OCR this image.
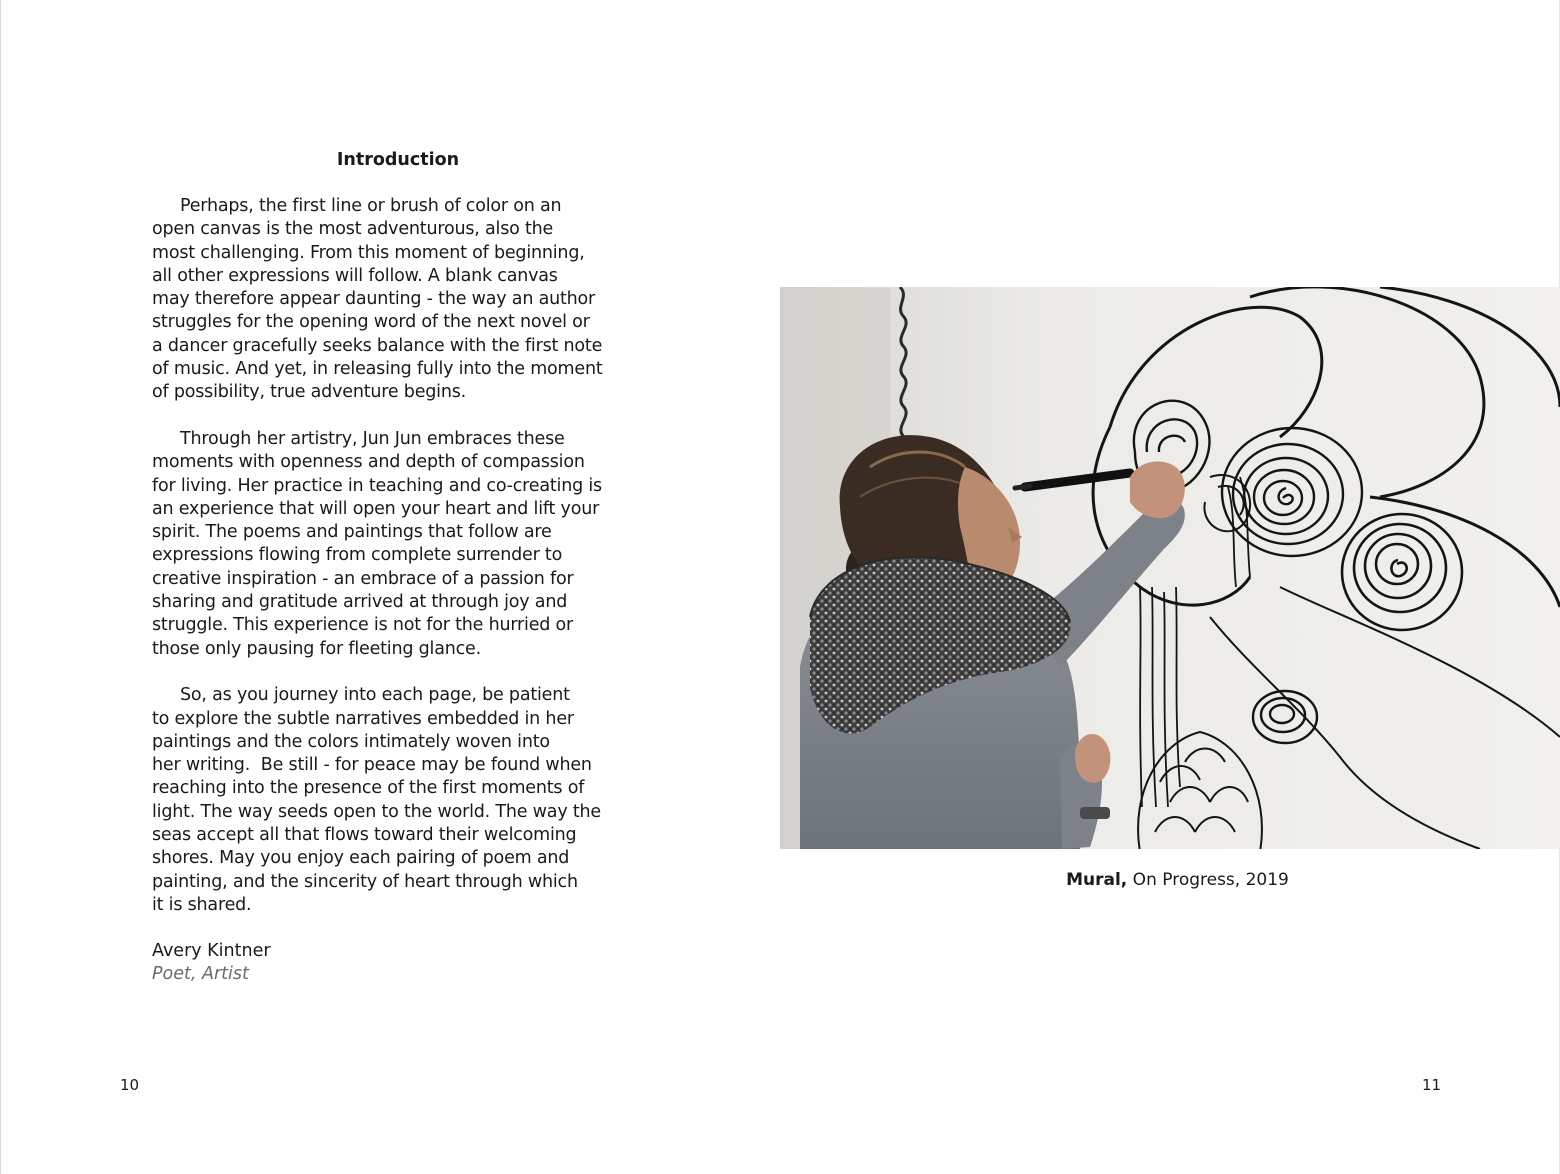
Introduction

Perhaps, the first line or brush of color on an
open canvas is the most adventurous, also the
most challenging. From this moment of beginning,
all other expressions will follow. A blank canvas
may therefore appear daunting - the way an author
struggles for the opening word of the next novel or
a dancer gracefully seeks balance with the first note
of music. And yet, in releasing fully into the moment
of possibility, true adventure begins.

Through her artistry, Jun Jun embraces these
moments with openness and depth of compassion
for living. Her practice in teaching and co-creating is
an experience that will open your heart and lift your
spirit. The poems and paintings that follow are
expressions flowing from complete surrender to
creative inspiration - an embrace of a passion for
sharing and gratitude arrived at through joy and
struggle. This experience is not for the hurried or
those only pausing for fleeting glance.

So, as you journey into each page, be patient
to explore the subtle narratives embedded in her
paintings and the colors intimately woven into
her writing.  Be still - for peace may be found when
reaching into the presence of the first moments of
light. The way seeds open to the world. The way the
seas accept all that flows toward their welcoming
shores. May you enjoy each pairing of poem and
painting, and the sincerity of heart through which
it is shared.

Avery Kintner
Poet, Artist
10
Mural, On Progress, 2019
11
